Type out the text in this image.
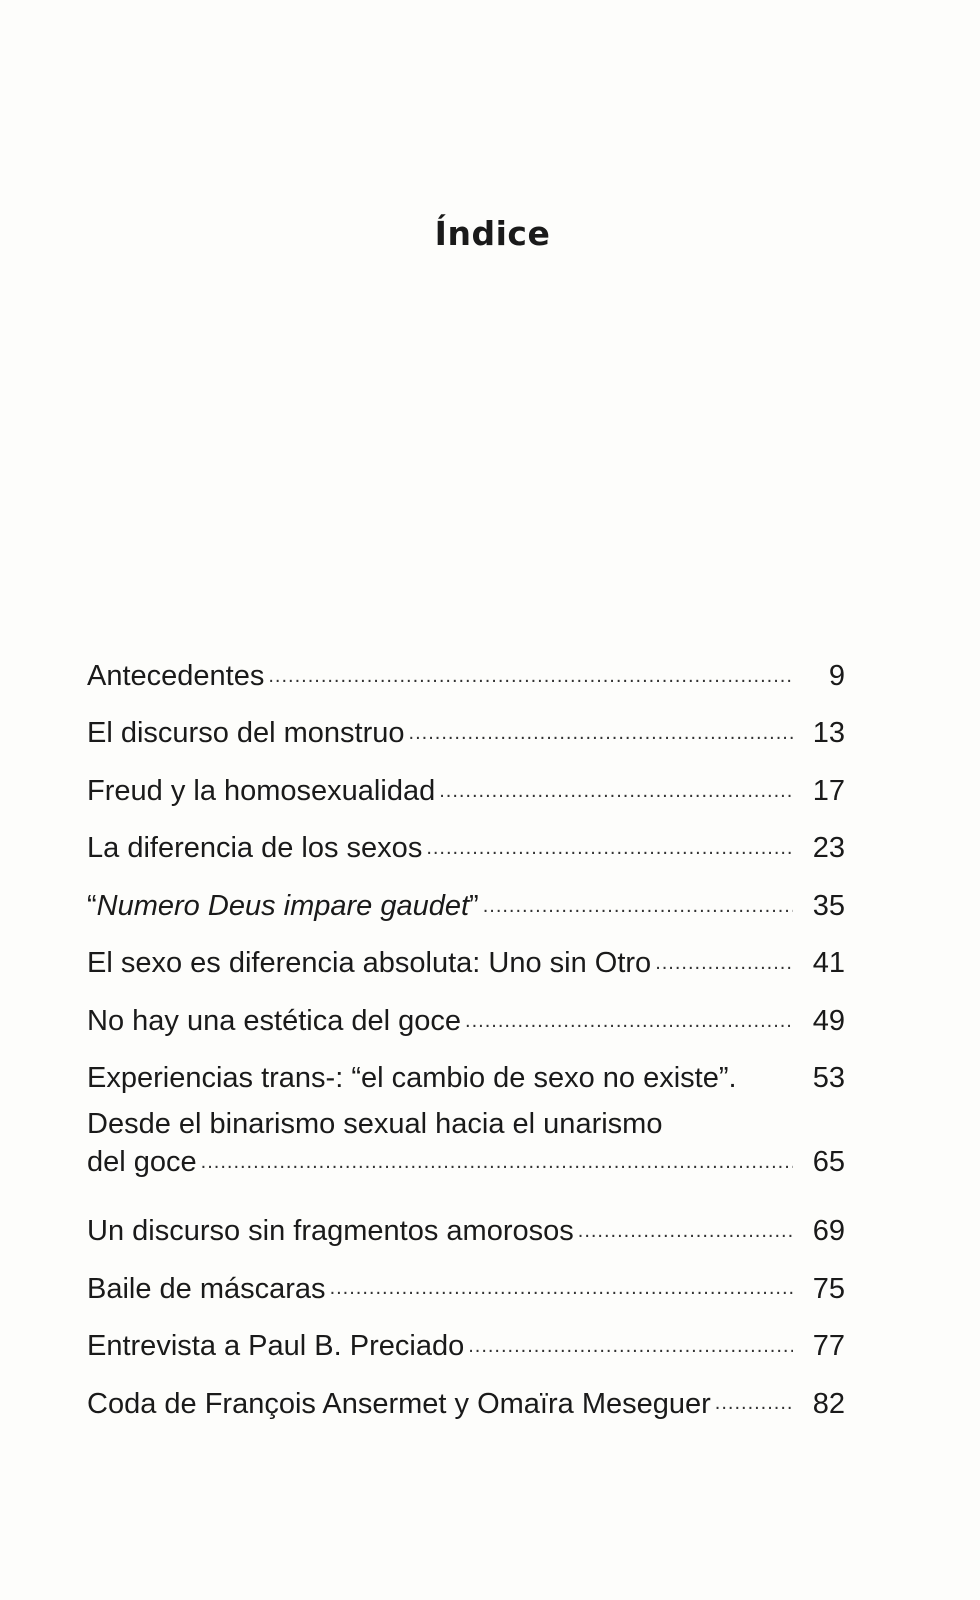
Índice
Antecedentes .....	9
El discurso del monstruo .....	13
Freud y la homosexualidad .....	17
La diferencia de los sexos .....	23
“Numero Deus impare gaudet” .....	35
El sexo es diferencia absoluta: Uno sin Otro .....	41
No hay una estética del goce .....	49
Experiencias trans-: “el cambio de sexo no existe”.	53
Desde el binarismo sexual hacia el unarismo
del goce .....	65
Un discurso sin fragmentos amorosos .....	69
Baile de máscaras .....	75
Entrevista a Paul B. Preciado .....	77
Coda de François Ansermet y Omaïra Meseguer .....	82
